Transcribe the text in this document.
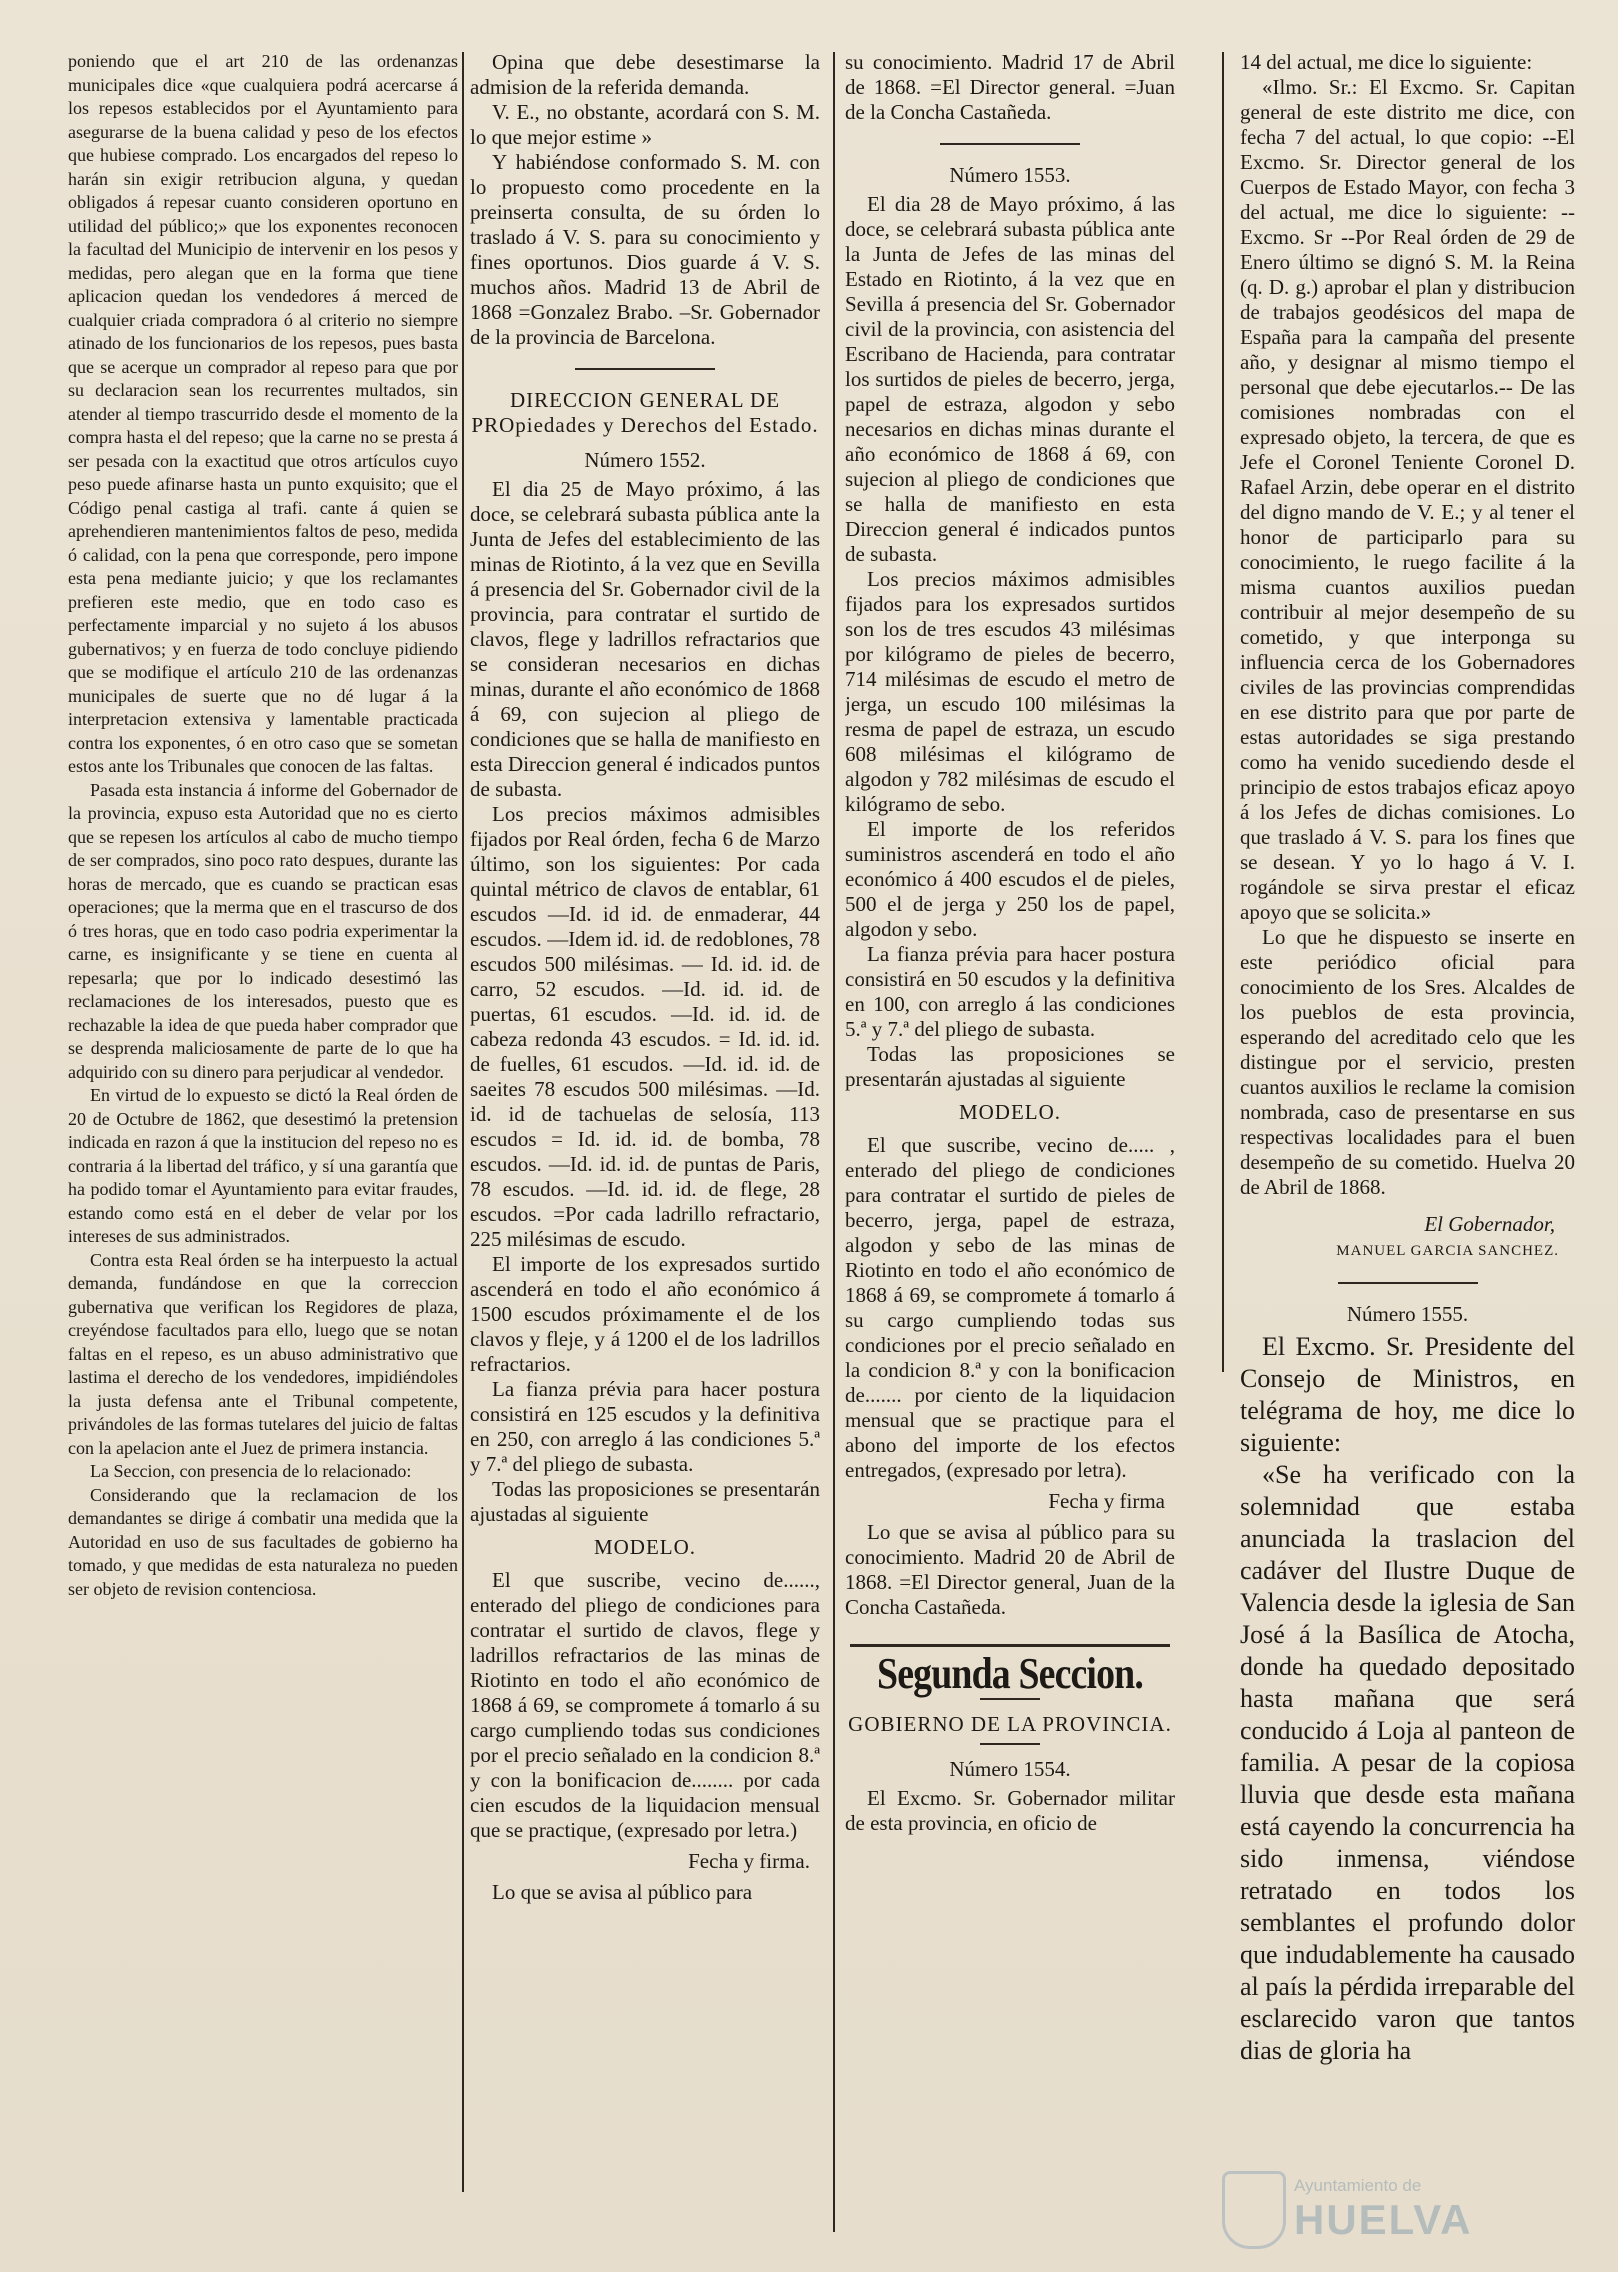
poniendo que el art 210 de las ordenanzas municipales dice «que cualquiera podrá acercarse á los repesos establecidos por el Ayuntamiento para asegurarse de la buena calidad y peso de los efectos que hubiese comprado. Los encargados del repeso lo harán sin exigir retribucion alguna, y quedan obligados á repesar cuanto consideren oportuno en utilidad del público;» que los exponentes reconocen la facultad del Municipio de intervenir en los pesos y medidas, pero alegan que en la forma que tiene aplicacion quedan los vendedores á merced de cualquier criada compradora ó al criterio no siempre atinado de los funcionarios de los repesos, pues basta que se acerque un comprador al repeso para que por su declaracion sean los recurrentes multados, sin atender al tiempo trascurrido desde el momento de la compra hasta el del repeso; que la carne no se presta á ser pesada con la exactitud que otros artículos cuyo peso puede afinarse hasta un punto exquisito; que el Código penal castiga al trafi. cante á quien se aprehendieren mantenimientos faltos de peso, medida ó calidad, con la pena que corresponde, pero impone esta pena mediante juicio; y que los reclamantes prefieren este medio, que en todo caso es perfectamente imparcial y no sujeto á los abusos gubernativos; y en fuerza de todo concluye pidiendo que se modifique el artículo 210 de las ordenanzas municipales de suerte que no dé lugar á la interpretacion extensiva y lamentable practicada contra los exponentes, ó en otro caso que se sometan estos ante los Tribunales que conocen de las faltas.

Pasada esta instancia á informe del Gobernador de la provincia, expuso esta Autoridad que no es cierto que se repesen los artículos al cabo de mucho tiempo de ser comprados, sino poco rato despues, durante las horas de mercado, que es cuando se practican esas operaciones; que la merma que en el trascurso de dos ó tres horas, que en todo caso podria experimentar la carne, es insignificante y se tiene en cuenta al repesarla; que por lo indicado desestimó las reclamaciones de los interesados, puesto que es rechazable la idea de que pueda haber comprador que se desprenda maliciosamente de parte de lo que ha adquirido con su dinero para perjudicar al vendedor.

En virtud de lo expuesto se dictó la Real órden de 20 de Octubre de 1862, que desestimó la pretension indicada en razon á que la institucion del repeso no es contraria á la libertad del tráfico, y sí una garantía que ha podido tomar el Ayuntamiento para evitar fraudes, estando como está en el deber de velar por los intereses de sus administrados.

Contra esta Real órden se ha interpuesto la actual demanda, fundándose en que la correccion gubernativa que verifican los Regidores de plaza, creyéndose facultados para ello, luego que se notan faltas en el repeso, es un abuso administrativo que lastima el derecho de los vendedores, impidiéndoles la justa defensa ante el Tribunal competente, privándoles de las formas tutelares del juicio de faltas con la apelacion ante el Juez de primera instancia.

La Seccion, con presencia de lo relacionado:

Considerando que la reclamacion de los demandantes se dirige á combatir una medida que la Autoridad en uso de sus facultades de gobierno ha tomado, y que medidas de esta naturaleza no pueden ser objeto de revision contenciosa.

Opina que debe desestimarse la admision de la referida demanda.

V. E., no obstante, acordará con S. M. lo que mejor estime »

Y habiéndose conformado S. M. con lo propuesto como procedente en la preinserta consulta, de su órden lo traslado á V. S. para su conocimiento y fines oportunos. Dios guarde á V. S. muchos años. Madrid 13 de Abril de 1868 =Gonzalez Brabo. –Sr. Gobernador de la provincia de Barcelona.

DIRECCION GENERAL DE PROpiedades y Derechos del Estado.

Número 1552.

El dia 25 de Mayo próximo, á las doce, se celebrará subasta pública ante la Junta de Jefes del establecimiento de las minas de Riotinto, á la vez que en Sevilla á presencia del Sr. Gobernador civil de la provincia, para contratar el surtido de clavos, flege y ladrillos refractarios que se consideran necesarios en dichas minas, durante el año económico de 1868 á 69, con sujecion al pliego de condiciones que se halla de manifiesto en esta Direccion general é indicados puntos de subasta.

Los precios máximos admisibles fijados por Real órden, fecha 6 de Marzo último, son los siguientes: Por cada quintal métrico de clavos de entablar, 61 escudos —Id. id id. de enmaderar, 44 escudos. —Idem id. id. de redoblones, 78 escudos 500 milésimas. — Id. id. id. de carro, 52 escudos. —Id. id. id. de puertas, 61 escudos. —Id. id. id. de cabeza redonda 43 escudos. = Id. id. id. de fuelles, 61 escudos. —Id. id. id. de saeites 78 escudos 500 milésimas. —Id. id. id de tachuelas de selosía, 113 escudos = Id. id. id. de bomba, 78 escudos. —Id. id. id. de puntas de Paris, 78 escudos. —Id. id. id. de flege, 28 escudos. =Por cada ladrillo refractario, 225 milésimas de escudo.

El importe de los expresados surtido ascenderá en todo el año económico á 1500 escudos próximamente el de los clavos y fleje, y á 1200 el de los ladrillos refractarios.

La fianza prévia para hacer postura consistirá en 125 escudos y la definitiva en 250, con arreglo á las condiciones 5.ª y 7.ª del pliego de subasta.

Todas las proposiciones se presentarán ajustadas al siguiente

MODELO.

El que suscribe, vecino de......, enterado del pliego de condiciones para contratar el surtido de clavos, flege y ladrillos refractarios de las minas de Riotinto en todo el año económico de 1868 á 69, se compromete á tomarlo á su cargo cumpliendo todas sus condiciones por el precio señalado en la condicion 8.ª y con la bonificacion de........ por cada cien escudos de la liquidacion mensual que se practique, (expresado por letra.)

Fecha y firma.

Lo que se avisa al público para

su conocimiento. Madrid 17 de Abril de 1868. =El Director general. =Juan de la Concha Castañeda.

Número 1553.

El dia 28 de Mayo próximo, á las doce, se celebrará subasta pública ante la Junta de Jefes de las minas del Estado en Riotinto, á la vez que en Sevilla á presencia del Sr. Gobernador civil de la provincia, con asistencia del Escribano de Hacienda, para contratar los surtidos de pieles de becerro, jerga, papel de estraza, algodon y sebo necesarios en dichas minas durante el año económico de 1868 á 69, con sujecion al pliego de condiciones que se halla de manifiesto en esta Direccion general é indicados puntos de subasta.

Los precios máximos admisibles fijados para los expresados surtidos son los de tres escudos 43 milésimas por kilógramo de pieles de becerro, 714 milésimas de escudo el metro de jerga, un escudo 100 milésimas la resma de papel de estraza, un escudo 608 milésimas el kilógramo de algodon y 782 milésimas de escudo el kilógramo de sebo.

El importe de los referidos suministros ascenderá en todo el año económico á 400 escudos el de pieles, 500 el de jerga y 250 los de papel, algodon y sebo.

La fianza prévia para hacer postura consistirá en 50 escudos y la definitiva en 100, con arreglo á las condiciones 5.ª y 7.ª del pliego de subasta.

Todas las proposiciones se presentarán ajustadas al siguiente

MODELO.

El que suscribe, vecino de..... , enterado del pliego de condiciones para contratar el surtido de pieles de becerro, jerga, papel de estraza, algodon y sebo de las minas de Riotinto en todo el año económico de 1868 á 69, se compromete á tomarlo á su cargo cumpliendo todas sus condiciones por el precio señalado en la condicion 8.ª y con la bonificacion de....... por ciento de la liquidacion mensual que se practique para el abono del importe de los efectos entregados, (expresado por letra).

Fecha y firma

Lo que se avisa al público para su conocimiento. Madrid 20 de Abril de 1868. =El Director general, Juan de la Concha Castañeda.

Segunda Seccion.

GOBIERNO DE LA PROVINCIA.

Número 1554.

El Excmo. Sr. Gobernador militar de esta provincia, en oficio de

14 del actual, me dice lo siguiente:

«Ilmo. Sr.: El Excmo. Sr. Capitan general de este distrito me dice, con fecha 7 del actual, lo que copio: --El Excmo. Sr. Director general de los Cuerpos de Estado Mayor, con fecha 3 del actual, me dice lo siguiente: --Excmo. Sr --Por Real órden de 29 de Enero último se dignó S. M. la Reina (q. D. g.) aprobar el plan y distribucion de trabajos geodésicos del mapa de España para la campaña del presente año, y designar al mismo tiempo el personal que debe ejecutarlos.-- De las comisiones nombradas con el expresado objeto, la tercera, de que es Jefe el Coronel Teniente Coronel D. Rafael Arzin, debe operar en el distrito del digno mando de V. E.; y al tener el honor de participarlo para su conocimiento, le ruego facilite á la misma cuantos auxilios puedan contribuir al mejor desempeño de su cometido, y que interponga su influencia cerca de los Gobernadores civiles de las provincias comprendidas en ese distrito para que por parte de estas autoridades se siga prestando como ha venido sucediendo desde el principio de estos trabajos eficaz apoyo á los Jefes de dichas comisiones. Lo que traslado á V. S. para los fines que se desean. Y yo lo hago á V. I. rogándole se sirva prestar el eficaz apoyo que se solicita.»

Lo que he dispuesto se inserte en este periódico oficial para conocimiento de los Sres. Alcaldes de los pueblos de esta provincia, esperando del acreditado celo que les distingue por el servicio, presten cuantos auxilios le reclame la comision nombrada, caso de presentarse en sus respectivas localidades para el buen desempeño de su cometido. Huelva 20 de Abril de 1868.

El Gobernador,

MANUEL GARCIA SANCHEZ.

Número 1555.

El Excmo. Sr. Presidente del Consejo de Ministros, en telégrama de hoy, me dice lo siguiente:

«Se ha verificado con la solemnidad que estaba anunciada la traslacion del cadáver del Ilustre Duque de Valencia desde la iglesia de San José á la Basílica de Atocha, donde ha quedado depositado hasta mañana que será conducido á Loja al panteon de familia. A pesar de la copiosa lluvia que desde esta mañana está cayendo la concurrencia ha sido inmensa, viéndose retratado en todos los semblantes el profundo dolor que indudablemente ha causado al país la pérdida irreparable del esclarecido varon que tantos dias de gloria ha

Ayuntamiento de
HUELVA
